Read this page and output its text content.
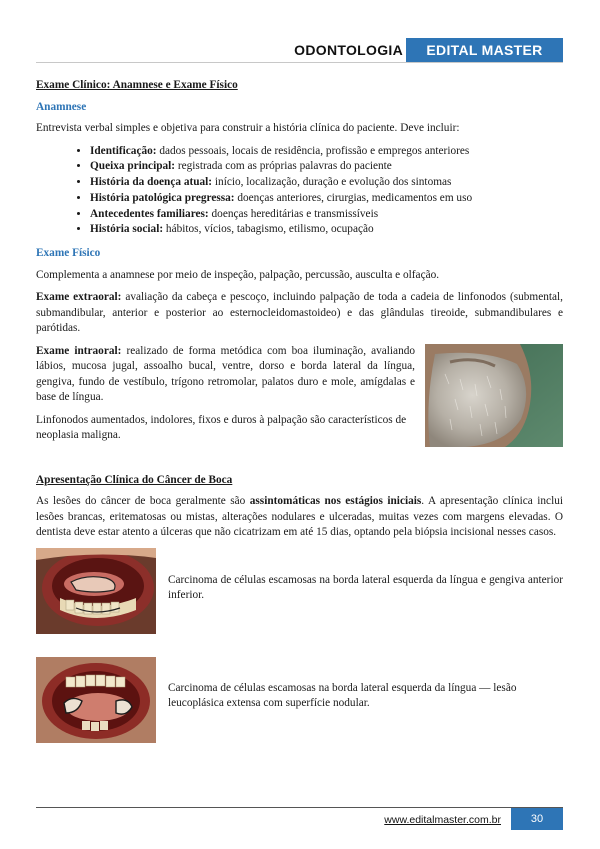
ODONTOLOGIA	EDITAL MASTER

Exame Clínico: Anamnese e Exame Físico

Anamnese

Entrevista verbal simples e objetiva para construir a história clínica do paciente. Deve incluir:

• Identificação: dados pessoais, locais de residência, profissão e empregos anteriores
• Queixa principal: registrada com as próprias palavras do paciente
• História da doença atual: início, localização, duração e evolução dos sintomas
• História patológica pregressa: doenças anteriores, cirurgias, medicamentos em uso
• Antecedentes familiares: doenças hereditárias e transmissíveis
• História social: hábitos, vícios, tabagismo, etilismo, ocupação

Exame Físico

Complementa a anamnese por meio de inspeção, palpação, percussão, ausculta e olfação.

Exame extraoral: avaliação da cabeça e pescoço, incluindo palpação de toda a cadeia de linfonodos (submental, submandibular, anterior e posterior ao esternocleidomastoideo) e das glândulas tireoide, submandibulares e parótidas.

Exame intraoral: realizado de forma metódica com boa iluminação, avaliando lábios, mucosa jugal, assoalho bucal, ventre, dorso e borda lateral da língua, gengiva, fundo de vestíbulo, trígono retromolar, palatos duro e mole, amígdalas e base de língua.

Linfonodos aumentados, indolores, fixos e duros à palpação são característicos de neoplasia maligna.

Apresentação Clínica do Câncer de Boca

As lesões do câncer de boca geralmente são assintomáticas nos estágios iniciais. A apresentação clínica inclui lesões brancas, eritematosas ou mistas, alterações nodulares e ulceradas, muitas vezes com margens elevadas. O dentista deve estar atento a úlceras que não cicatrizam em até 15 dias, optando pela biópsia incisional nesses casos.

Carcinoma de células escamosas na borda lateral esquerda da língua e gengiva anterior inferior.
Carcinoma de células escamosas na borda lateral esquerda da língua — lesão leucoplásica extensa com superfície nodular.
www.editalmaster.com.br	30
